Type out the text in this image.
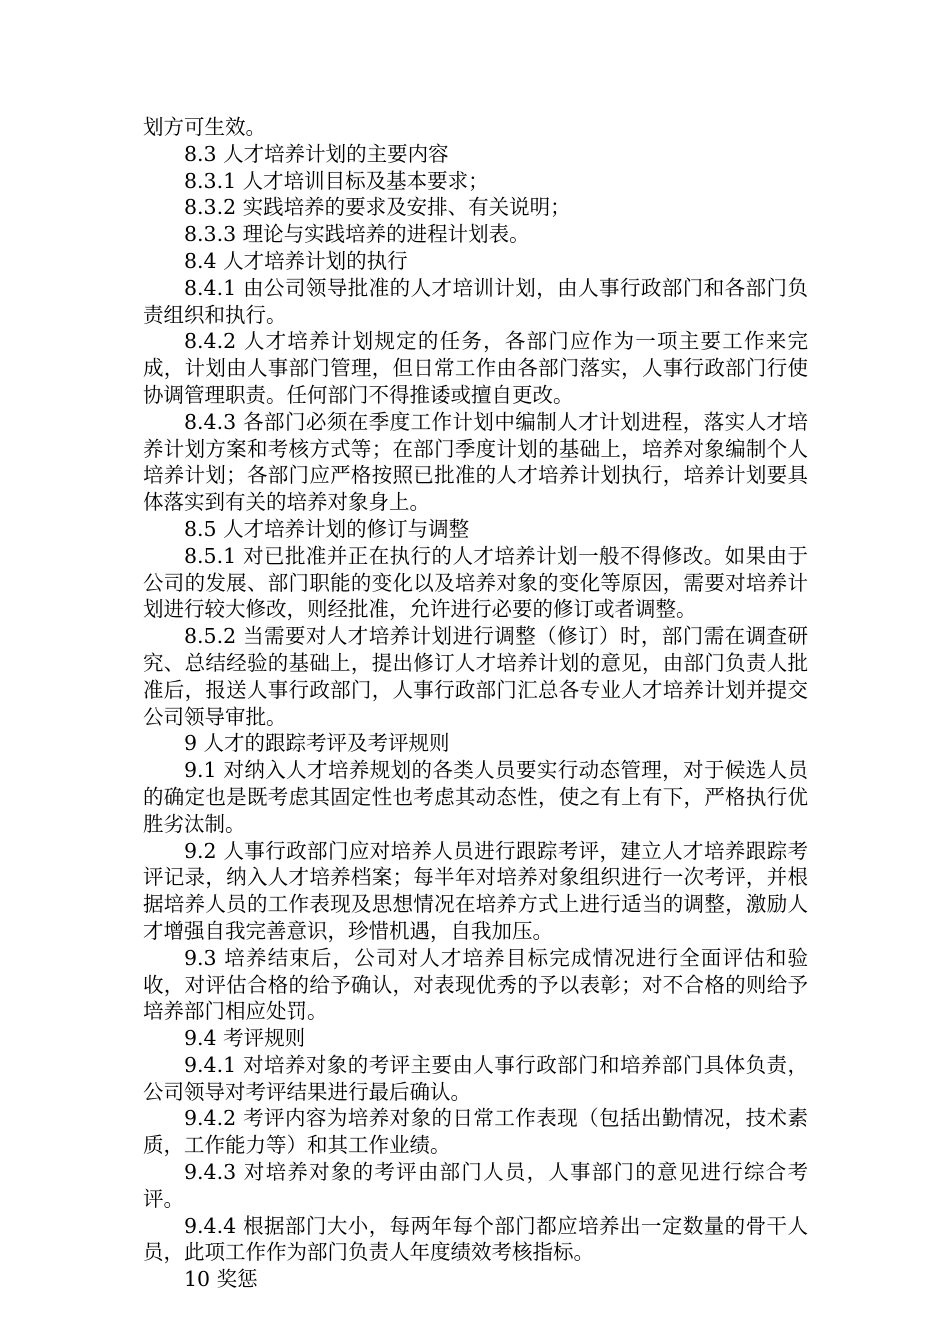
划方可生效。

8.3 人才培养计划的主要内容

8.3.1 人才培训目标及基本要求；

8.3.2 实践培养的要求及安排、有关说明；

8.3.3 理论与实践培养的进程计划表。

8.4 人才培养计划的执行

8.4.1 由公司领导批准的人才培训计划，由人事行政部门和各部门负责组织和执行。

8.4.2 人才培养计划规定的任务，各部门应作为一项主要工作来完成，计划由人事部门管理，但日常工作由各部门落实，人事行政部门行使协调管理职责。任何部门不得推诿或擅自更改。

8.4.3 各部门必须在季度工作计划中编制人才计划进程，落实人才培养计划方案和考核方式等；在部门季度计划的基础上，培养对象编制个人培养计划；各部门应严格按照已批准的人才培养计划执行，培养计划要具体落实到有关的培养对象身上。

8.5 人才培养计划的修订与调整

8.5.1 对已批准并正在执行的人才培养计划一般不得修改。如果由于公司的发展、部门职能的变化以及培养对象的变化等原因，需要对培养计划进行较大修改，则经批准，允许进行必要的修订或者调整。

8.5.2 当需要对人才培养计划进行调整（修订）时，部门需在调查研究、总结经验的基础上，提出修订人才培养计划的意见，由部门负责人批准后，报送人事行政部门，人事行政部门汇总各专业人才培养计划并提交公司领导审批。

9 人才的跟踪考评及考评规则

9.1 对纳入人才培养规划的各类人员要实行动态管理，对于候选人员的确定也是既考虑其固定性也考虑其动态性，使之有上有下，严格执行优胜劣汰制。

9.2 人事行政部门应对培养人员进行跟踪考评，建立人才培养跟踪考评记录，纳入人才培养档案；每半年对培养对象组织进行一次考评，并根据培养人员的工作表现及思想情况在培养方式上进行适当的调整，激励人才增强自我完善意识，珍惜机遇，自我加压。

9.3 培养结束后，公司对人才培养目标完成情况进行全面评估和验收，对评估合格的给予确认，对表现优秀的予以表彰；对不合格的则给予培养部门相应处罚。

9.4 考评规则

9.4.1 对培养对象的考评主要由人事行政部门和培养部门具体负责，公司领导对考评结果进行最后确认。

9.4.2 考评内容为培养对象的日常工作表现（包括出勤情况，技术素质，工作能力等）和其工作业绩。

9.4.3 对培养对象的考评由部门人员，人事部门的意见进行综合考评。

9.4.4 根据部门大小，每两年每个部门都应培养出一定数量的骨干人员，此项工作作为部门负责人年度绩效考核指标。

10 奖惩
